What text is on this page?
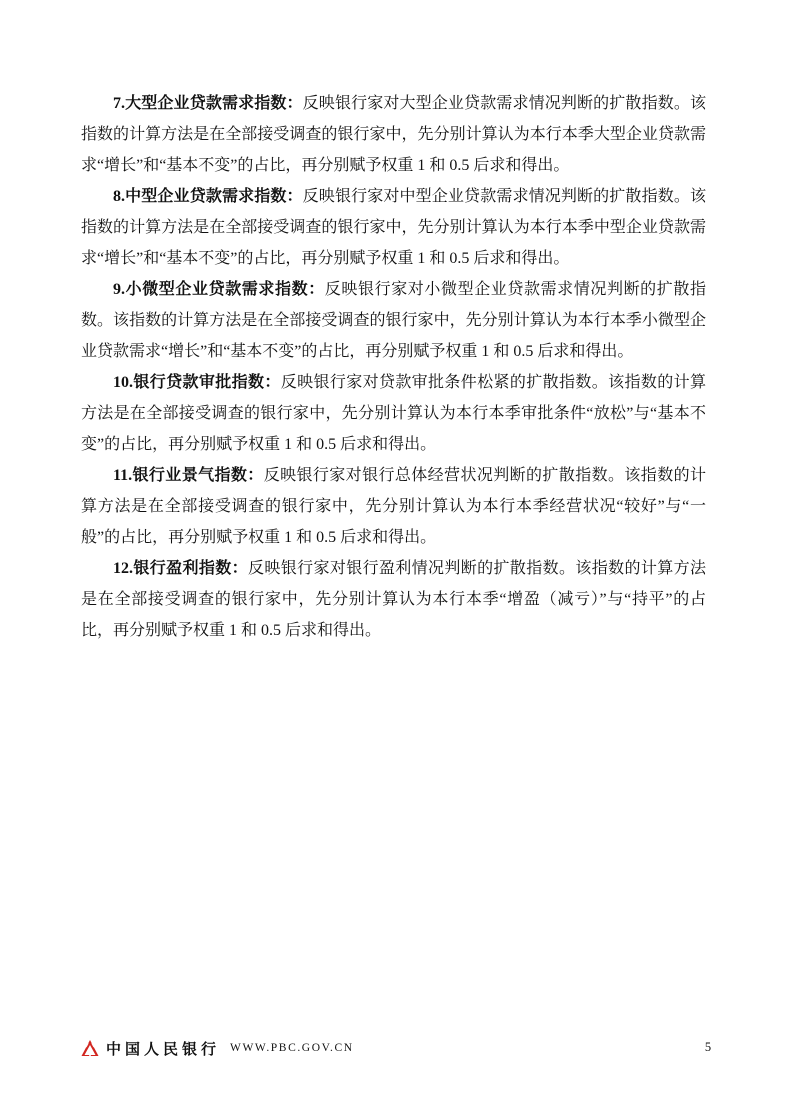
7.大型企业贷款需求指数：反映银行家对大型企业贷款需求情况判断的扩散指数。该指数的计算方法是在全部接受调查的银行家中，先分别计算认为本行本季大型企业贷款需求“增长”和“基本不变”的占比，再分别赋予权重 1 和 0.5 后求和得出。

8.中型企业贷款需求指数：反映银行家对中型企业贷款需求情况判断的扩散指数。该指数的计算方法是在全部接受调查的银行家中，先分别计算认为本行本季中型企业贷款需求“增长”和“基本不变”的占比，再分别赋予权重 1 和 0.5 后求和得出。

9.小微型企业贷款需求指数：反映银行家对小微型企业贷款需求情况判断的扩散指数。该指数的计算方法是在全部接受调查的银行家中，先分别计算认为本行本季小微型企业贷款需求“增长”和“基本不变”的占比，再分别赋予权重 1 和 0.5 后求和得出。

10.银行贷款审批指数：反映银行家对贷款审批条件松紧的扩散指数。该指数的计算方法是在全部接受调查的银行家中，先分别计算认为本行本季审批条件“放松”与“基本不变”的占比，再分别赋予权重 1 和 0.5 后求和得出。

11.银行业景气指数：反映银行家对银行总体经营状况判断的扩散指数。该指数的计算方法是在全部接受调查的银行家中，先分别计算认为本行本季经营状况“较好”与“一般”的占比，再分别赋予权重 1 和 0.5 后求和得出。

12.银行盈利指数：反映银行家对银行盈利情况判断的扩散指数。该指数的计算方法是在全部接受调查的银行家中，先分别计算认为本行本季“增盈（减亏）”与“持平”的占比，再分别赋予权重 1 和 0.5 后求和得出。

中国人民银行 WWW.PBC.GOV.CN	5
